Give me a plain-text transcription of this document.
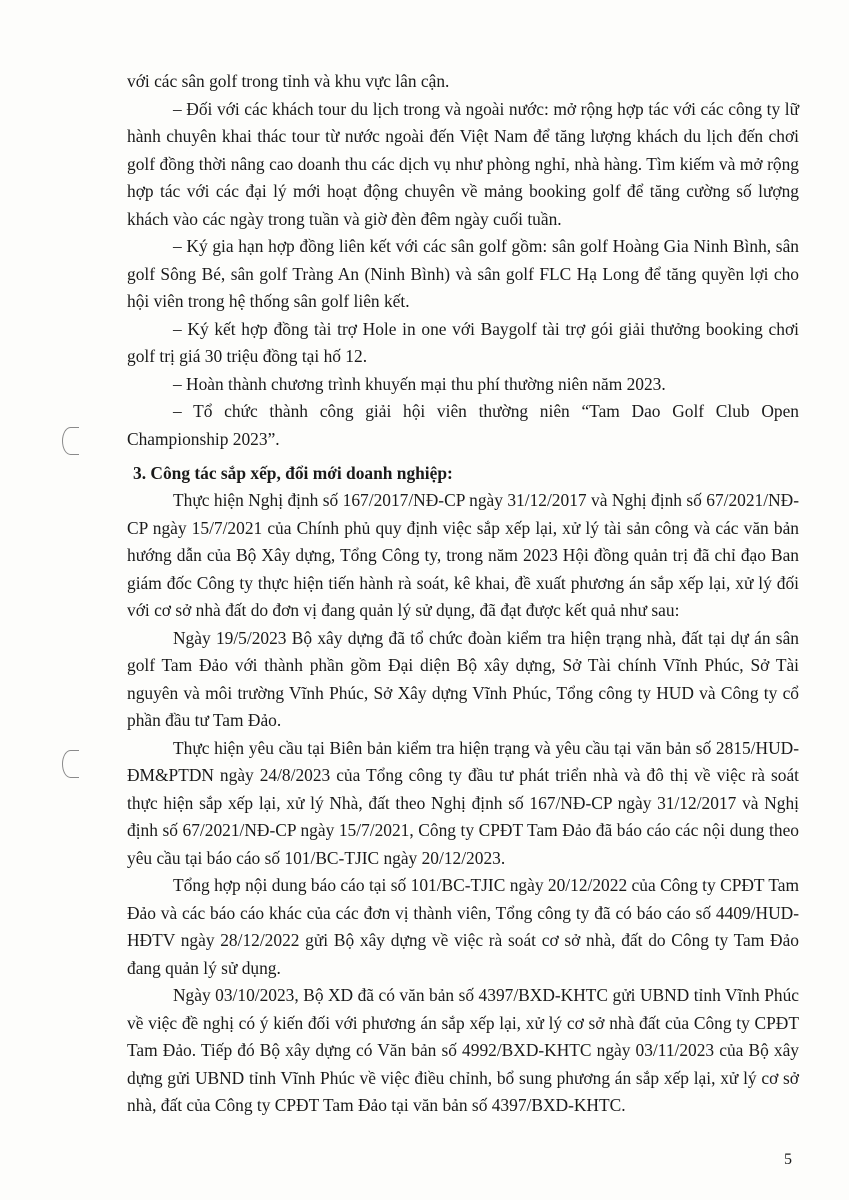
với các sân golf trong tỉnh và khu vực lân cận.

– Đối với các khách tour du lịch trong và ngoài nước: mở rộng hợp tác với các công ty lữ hành chuyên khai thác tour từ nước ngoài đến Việt Nam để tăng lượng khách du lịch đến chơi golf đồng thời nâng cao doanh thu các dịch vụ như phòng nghỉ, nhà hàng. Tìm kiếm và mở rộng hợp tác với các đại lý mới hoạt động chuyên về mảng booking golf để tăng cường số lượng khách vào các ngày trong tuần và giờ đèn đêm ngày cuối tuần.

– Ký gia hạn hợp đồng liên kết với các sân golf gồm: sân golf Hoàng Gia Ninh Bình, sân golf Sông Bé, sân golf Tràng An (Ninh Bình) và sân golf FLC Hạ Long để tăng quyền lợi cho hội viên trong hệ thống sân golf liên kết.

– Ký kết hợp đồng tài trợ Hole in one với Baygolf tài trợ gói giải thưởng booking chơi golf trị giá 30 triệu đồng tại hố 12.

– Hoàn thành chương trình khuyến mại thu phí thường niên năm 2023.

– Tổ chức thành công giải hội viên thường niên “Tam Dao Golf Club Open Championship 2023”.

3. Công tác sắp xếp, đổi mới doanh nghiệp:

Thực hiện Nghị định số 167/2017/NĐ-CP ngày 31/12/2017 và Nghị định số 67/2021/NĐ-CP ngày 15/7/2021 của Chính phủ quy định việc sắp xếp lại, xử lý tài sản công và các văn bản hướng dẫn của Bộ Xây dựng, Tổng Công ty, trong năm 2023 Hội đồng quản trị đã chỉ đạo Ban giám đốc Công ty thực hiện tiến hành rà soát, kê khai, đề xuất phương án sắp xếp lại, xử lý đối với cơ sở nhà đất do đơn vị đang quản lý sử dụng, đã đạt được kết quả như sau:

Ngày 19/5/2023 Bộ xây dựng đã tổ chức đoàn kiểm tra hiện trạng nhà, đất tại dự án sân golf Tam Đảo với thành phần gồm Đại diện Bộ xây dựng, Sở Tài chính Vĩnh Phúc, Sở Tài nguyên và môi trường Vĩnh Phúc, Sở Xây dựng Vĩnh Phúc, Tổng công ty HUD và Công ty cổ phần đầu tư Tam Đảo.

Thực hiện yêu cầu tại Biên bản kiểm tra hiện trạng và yêu cầu tại văn bản số 2815/HUD-ĐM&PTDN ngày 24/8/2023 của Tổng công ty đầu tư phát triển nhà và đô thị về việc rà soát thực hiện sắp xếp lại, xử lý Nhà, đất theo Nghị định số 167/NĐ-CP ngày 31/12/2017 và Nghị định số 67/2021/NĐ-CP ngày 15/7/2021, Công ty CPĐT Tam Đảo đã báo cáo các nội dung theo yêu cầu tại báo cáo số 101/BC-TJIC ngày 20/12/2023.

Tổng hợp nội dung báo cáo tại số 101/BC-TJIC ngày 20/12/2022 của Công ty CPĐT Tam Đảo và các báo cáo khác của các đơn vị thành viên, Tổng công ty đã có báo cáo số 4409/HUD-HĐTV ngày 28/12/2022 gửi Bộ xây dựng về việc rà soát cơ sở nhà, đất do Công ty Tam Đảo đang quản lý sử dụng.

Ngày 03/10/2023, Bộ XD đã có văn bản số 4397/BXD-KHTC gửi UBND tỉnh Vĩnh Phúc về việc đề nghị có ý kiến đối với phương án sắp xếp lại, xử lý cơ sở nhà đất của Công ty CPĐT Tam Đảo. Tiếp đó Bộ xây dựng có Văn bản số 4992/BXD-KHTC ngày 03/11/2023 của Bộ xây dựng gửi UBND tỉnh Vĩnh Phúc về việc điều chỉnh, bổ sung phương án sắp xếp lại, xử lý cơ sở nhà, đất của Công ty CPĐT Tam Đảo tại văn bản số 4397/BXD-KHTC.

5
